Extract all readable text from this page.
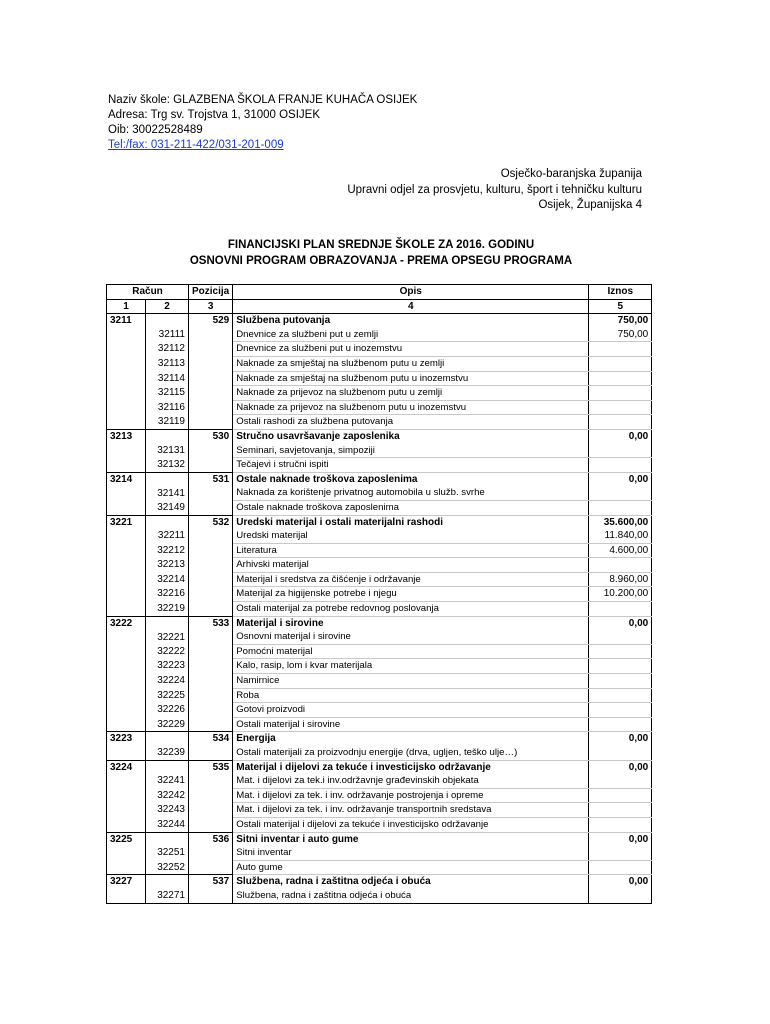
Naziv škole: GLAZBENA ŠKOLA FRANJE KUHAČA OSIJEK
Adresa: Trg sv. Trojstva 1, 31000 OSIJEK
Oib: 30022528489
Tel:/fax: 031-211-422/031-201-009
Osječko-baranjska županija
Upravni odjel za prosvjetu, kulturu, šport i tehničku kulturu
Osijek, Županijska 4
FINANCIJSKI PLAN SREDNJE ŠKOLE ZA 2016. GODINU
OSNOVNI PROGRAM OBRAZOVANJA - PREMA OPSEGU PROGRAMA
Račun		Pozicija	Opis	Iznos
1	2	3	4	5
3211		529	Službena putovanja	750,00
	32111		Dnevnice za službeni put u zemlji	750,00
	32112		Dnevnice za službeni put u inozemstvu	
	32113		Naknade za smještaj na službenom putu u zemlji	
	32114		Naknade za smještaj na službenom putu u inozemstvu	
	32115		Naknade za prijevoz na službenom putu u zemlji	
	32116		Naknade za prijevoz na službenom putu u inozemstvu	
	32119		Ostali rashodi za službena putovanja	
3213		530	Stručno usavršavanje zaposlenika	0,00
	32131		Seminari, savjetovanja, simpoziji	
	32132		Tečajevi i stručni ispiti	
3214		531	Ostale naknade troškova zaposlenima	0,00
	32141		Naknada za korištenje privatnog automobila u služb. svrhe	
	32149		Ostale naknade troškova zaposlenima	
3221		532	Uredski materijal i ostali materijalni rashodi	35.600,00
	32211		Uredski materijal	11.840,00
	32212		Literatura	4.600,00
	32213		Arhivski materijal	
	32214		Materijal i sredstva za čišćenje i održavanje	8.960,00
	32216		Materijal za higijenske potrebe i njegu	10.200,00
	32219		Ostali materijal za potrebe redovnog poslovanja	
3222		533	Materijal i sirovine	0,00
	32221		Osnovni materijal i sirovine	
	32222		Pomoćni materijal	
	32223		Kalo, rasip, lom i kvar materijala	
	32224		Namirnice	
	32225		Roba	
	32226		Gotovi proizvodi	
	32229		Ostali materijal i sirovine	
3223		534	Energija	0,00
	32239		Ostali materijali za proizvodnju energije (drva, ugljen, teško ulje…)	
3224		535	Materijal i dijelovi za tekuće i investicijsko održavanje	0,00
	32241		Mat. i dijelovi za tek.i inv.održavnje građevinskih objekata	
	32242		Mat. i dijelovi za tek. i inv. održavanje postrojenja i opreme	
	32243		Mat. i dijelovi za tek. i inv. održavanje transportnih sredstava	
	32244		Ostali materijal i dijelovi za tekuće i investicijsko održavanje	
3225		536	Sitni inventar i auto gume	0,00
	32251		Sitni inventar	
	32252		Auto gume	
3227		537	Službena, radna i zaštitna odjeća i obuća	0,00
	32271		Službena, radna i zaštitna odjeća i obuća	
